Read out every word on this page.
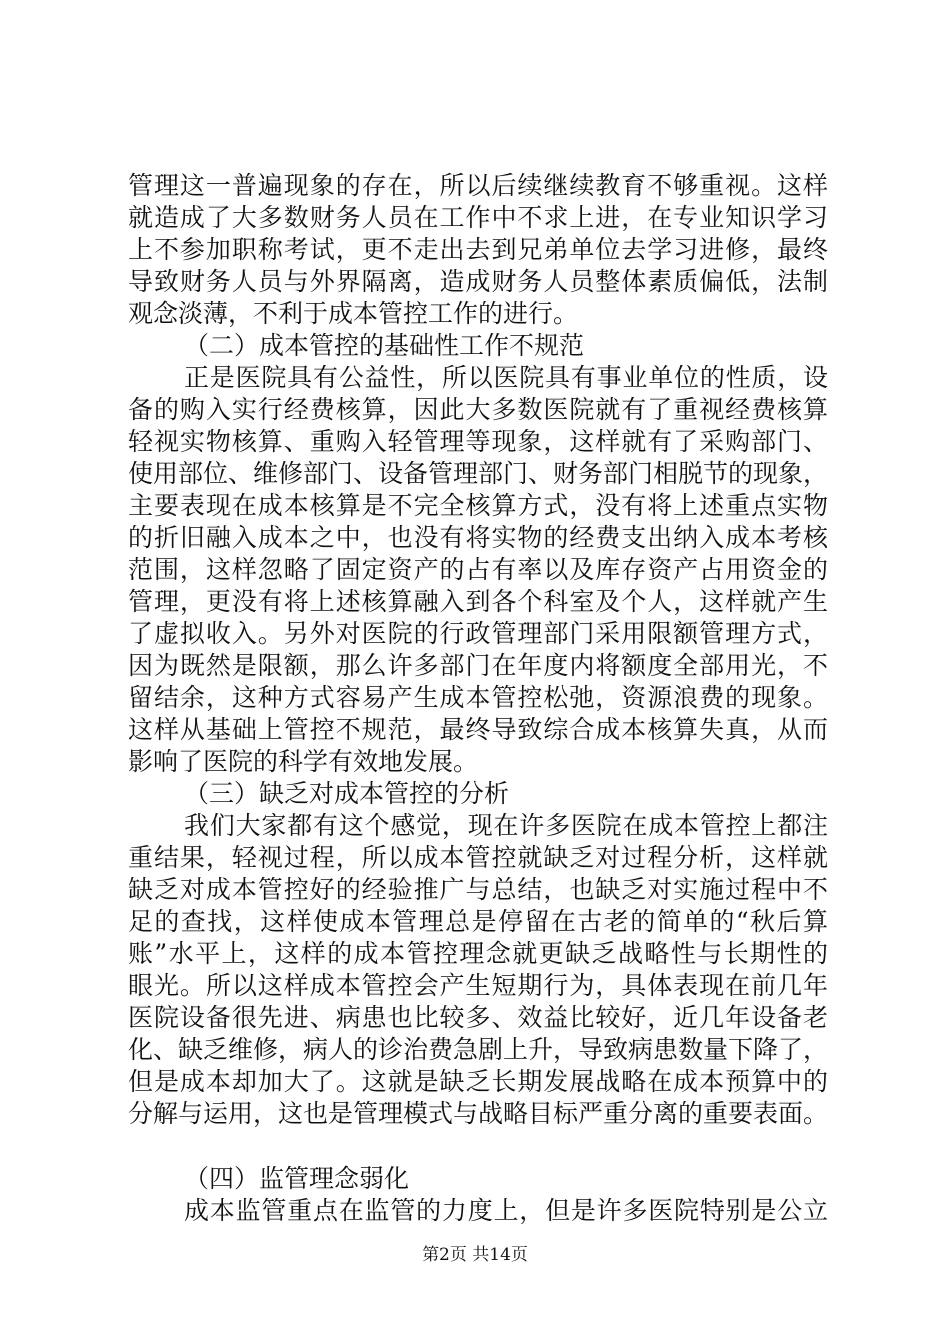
管理这一普遍现象的存在，所以后续继续教育不够重视。这样
就造成了大多数财务人员在工作中不求上进，在专业知识学习
上不参加职称考试，更不走出去到兄弟单位去学习进修，最终
导致财务人员与外界隔离，造成财务人员整体素质偏低，法制
观念淡薄，不利于成本管控工作的进行。
（二）成本管控的基础性工作不规范
正是医院具有公益性，所以医院具有事业单位的性质，设
备的购入实行经费核算，因此大多数医院就有了重视经费核算
轻视实物核算、重购入轻管理等现象，这样就有了采购部门、
使用部位、维修部门、设备管理部门、财务部门相脱节的现象，
主要表现在成本核算是不完全核算方式，没有将上述重点实物
的折旧融入成本之中，也没有将实物的经费支出纳入成本考核
范围，这样忽略了固定资产的占有率以及库存资产占用资金的
管理，更没有将上述核算融入到各个科室及个人，这样就产生
了虚拟收入。另外对医院的行政管理部门采用限额管理方式，
因为既然是限额，那么许多部门在年度内将额度全部用光，不
留结余，这种方式容易产生成本管控松弛，资源浪费的现象。
这样从基础上管控不规范，最终导致综合成本核算失真，从而
影响了医院的科学有效地发展。
（三）缺乏对成本管控的分析
我们大家都有这个感觉，现在许多医院在成本管控上都注
重结果，轻视过程，所以成本管控就缺乏对过程分析，这样就
缺乏对成本管控好的经验推广与总结，也缺乏对实施过程中不
足的查找，这样使成本管理总是停留在古老的简单的“秋后算
账”水平上，这样的成本管控理念就更缺乏战略性与长期性的
眼光。所以这样成本管控会产生短期行为，具体表现在前几年
医院设备很先进、病患也比较多、效益比较好，近几年设备老
化、缺乏维修，病人的诊治费急剧上升，导致病患数量下降了，
但是成本却加大了。这就是缺乏长期发展战略在成本预算中的
分解与运用，这也是管理模式与战略目标严重分离的重要表面。
（四）监管理念弱化
成本监管重点在监管的力度上，但是许多医院特别是公立
第2页 共14页
